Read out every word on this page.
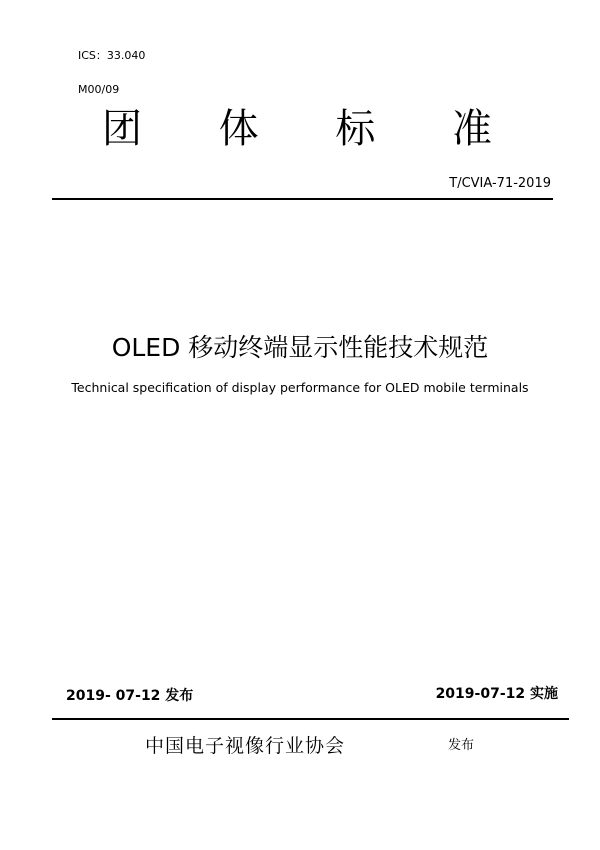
ICS：33.040
M00/09
团 体 标 准
T/CVIA-71-2019
OLED 移动终端显示性能技术规范
Technical specification of display performance for OLED mobile terminals
2019- 07-12 发布	2019-07-12 实施
中国电子视像行业协会	发布
